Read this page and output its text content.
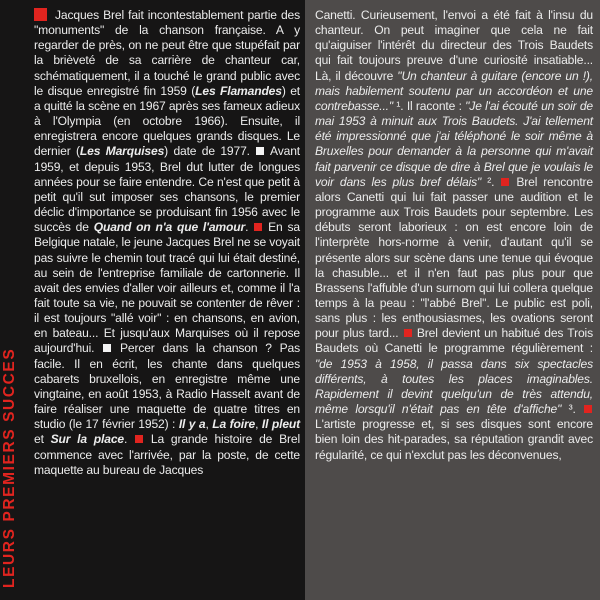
LEURS PREMIERS SUCCES

Jacques Brel fait incontestablement partie des "monuments" de la chanson française. A y regarder de près, on ne peut être que stupéfait par la brièveté de sa carrière de chanteur car, schématiquement, il a touché le grand public avec le disque enregistré fin 1959 (Les Flamandes) et a quitté la scène en 1967 après ses fameux adieux à l'Olympia (en octobre 1966). Ensuite, il enregistrera encore quelques grands disques. Le dernier (Les Marquises) date de 1977. Avant 1959, et depuis 1953, Brel dut lutter de longues années pour se faire entendre. Ce n'est que petit à petit qu'il sut imposer ses chansons, le premier déclic d'importance se produisant fin 1956 avec le succès de Quand on n'a que l'amour. En sa Belgique natale, le jeune Jacques Brel ne se voyait pas suivre le chemin tout tracé qui lui était destiné, au sein de l'entreprise familiale de cartonnerie. Il avait des envies d'aller voir ailleurs et, comme il l'a fait toute sa vie, ne pouvait se contenter de rêver : il est toujours "allé voir" : en chansons, en avion, en bateau... Et jusqu'aux Marquises où il repose aujourd'hui. Percer dans la chanson ? Pas facile. Il en écrit, les chante dans quelques cabarets bruxellois, en enregistre même une vingtaine, en août 1953, à Radio Hasselt avant de faire réaliser une maquette de quatre titres en studio (le 17 février 1952) : Il y a, La foire, Il pleut et Sur la place. La grande histoire de Brel commence avec l'arrivée, par la poste, de cette maquette au bureau de Jacques

Canetti. Curieusement, l'envoi a été fait à l'insu du chanteur. On peut imaginer que cela ne fait qu'aiguiser l'intérêt du directeur des Trois Baudets qui fait toujours preuve d'une curiosité insatiable... Là, il découvre "Un chanteur à guitare (encore un !), mais habilement soutenu par un accordéon et une contrebasse..." ¹. Il raconte : "Je l'ai écouté un soir de mai 1953 à minuit aux Trois Baudets. J'ai tellement été impressionné que j'ai téléphoné le soir même à Bruxelles pour demander à la personne qui m'avait fait parvenir ce disque de dire à Brel que je voulais le voir dans les plus bref délais" ². Brel rencontre alors Canetti qui lui fait passer une audition et le programme aux Trois Baudets pour septembre. Les débuts seront laborieux : on est encore loin de l'interprète hors-norme à venir, d'autant qu'il se présente alors sur scène dans une tenue qui évoque la chasuble... et il n'en faut pas plus pour que Brassens l'affuble d'un surnom qui lui collera quelque temps à la peau : "l'abbé Brel". Le public est poli, sans plus : les enthousiasmes, les ovations seront pour plus tard... Brel devient un habitué des Trois Baudets où Canetti le programme régulièrement : "de 1953 à 1958, il passa dans six spectacles différents, à toutes les places imaginables. Rapidement il devint quelqu'un de très attendu, même lorsqu'il n'était pas en tête d'affiche" ³.  L'artiste progresse et, si ses disques sont encore bien loin des hit-parades, sa réputation grandit avec régularité, ce qui n'exclut pas les déconvenues,
